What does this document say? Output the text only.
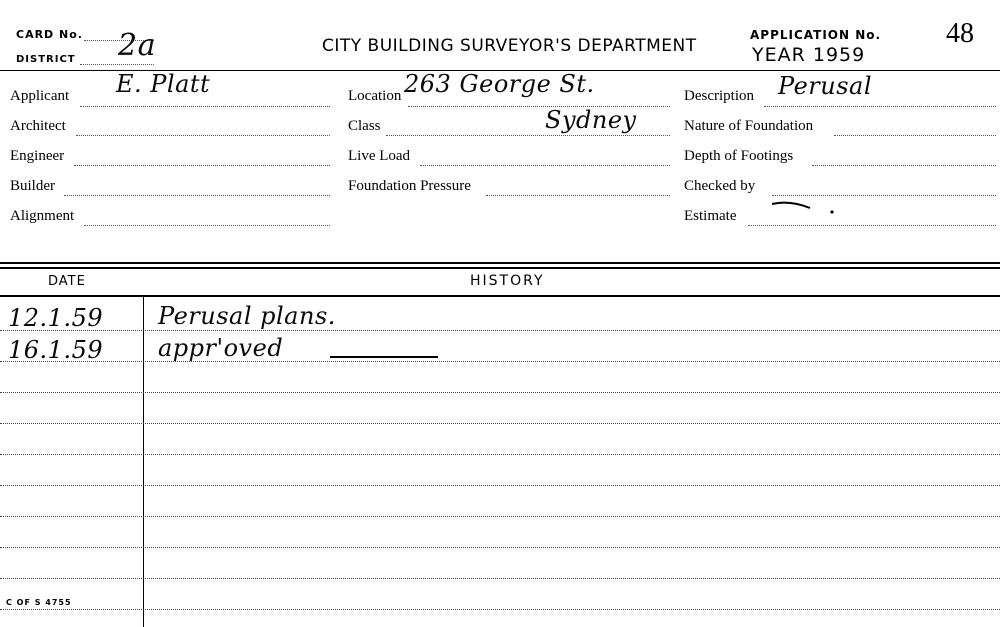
CARD No.
DISTRICT 2a	CITY BUILDING SURVEYOR'S DEPARTMENT
APPLICATION No.
YEAR 1959
48
Applicant E. Platt
Architect
Engineer
Builder
Alignment
Location 263 George St.
Class	Sydney
Live Load
Foundation Pressure
Description Perusal
Nature of Foundation
Depth of Footings
Checked by
Estimate
DATE	HISTORY
12.1.59 Perusal plans.
16.1.59 appr'oved
C OF S 4755
